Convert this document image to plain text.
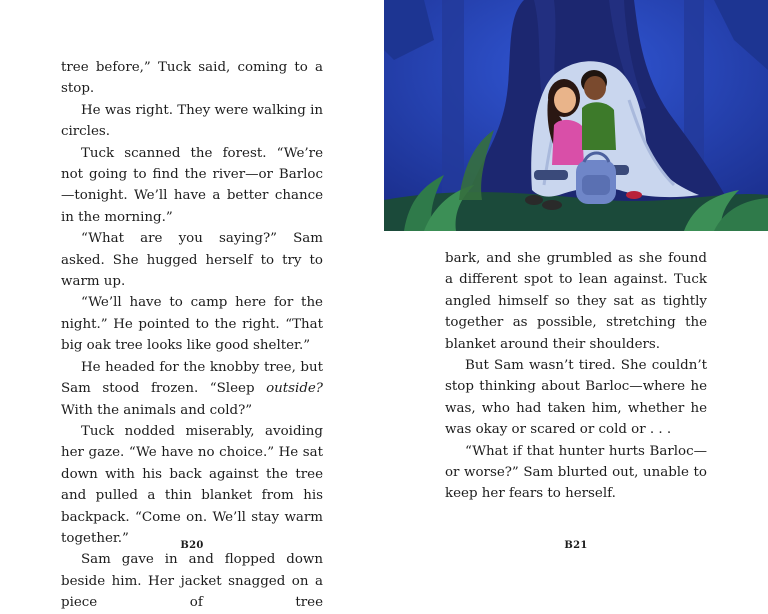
tree before,” Tuck said, coming to a stop.

He was right. They were walking in circles.

Tuck scanned the forest. “We’re not going to find the river—or Barloc—tonight. We’ll have a better chance in the morning.”

“What are you saying?” Sam asked. She hugged herself to try to warm up.

“We’ll have to camp here for the night.” He pointed to the right. “That big oak tree looks like good shelter.”

He headed for the knobby tree, but Sam stood frozen. “Sleep outside? With the animals and cold?”

Tuck nodded miserably, avoiding her gaze. “We have no choice.” He sat down with his back against the tree and pulled a thin blanket from his backpack. “Come on. We’ll stay warm together.”

Sam gave in and flopped down beside him. Her jacket snagged on a piece of tree

B20

bark, and she grumbled as she found a different spot to lean against. Tuck angled himself so they sat as tightly together as possible, stretching the blanket around their shoulders.

But Sam wasn’t tired. She couldn’t stop thinking about Barloc—where he was, who had taken him, whether he was okay or scared or cold or . . .

“What if that hunter hurts Barloc—or worse?” Sam blurted out, unable to keep her fears to herself.

B21
